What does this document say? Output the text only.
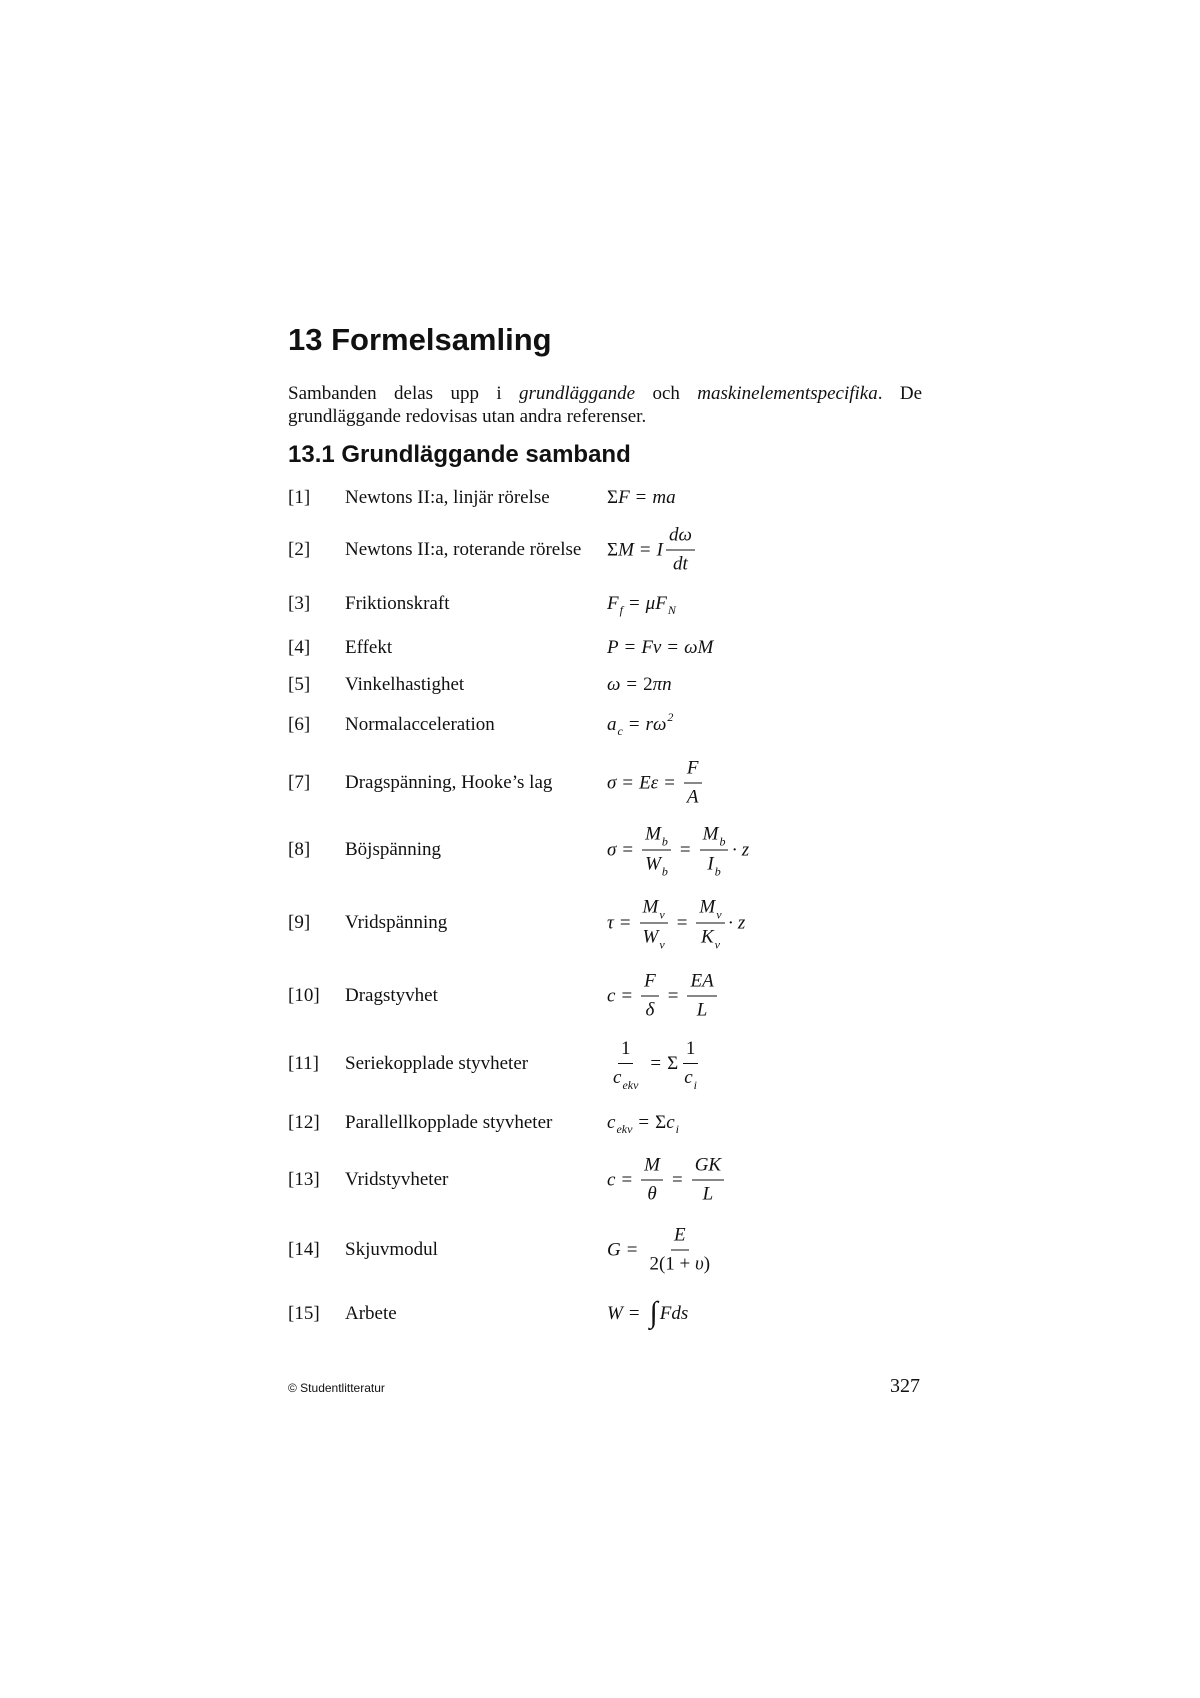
13 Formelsamling

Sambanden delas upp i grundläggande och maskinelementspecifika. De
grundläggande redovisas utan andra referenser.

13.1 Grundläggande samband
[1] Newtons II:a, linjär rörelse	Σ F = ma
[2] Newtons II:a, roterande rörelse Σ M = I $\frac{d\omega}{dt}$
[3] Friktionskraft	F f = μF N
[4] Effekt	P = Fv = ωM
[5] Vinkelhastighet	ω = 2 πn
[6] Normalacceleration	a c = rω 2
[7] Dragspänning, Hooke’s lag	$\sigma = E\varepsilon = \frac{F}{A}$
[8] Böjspänning	$\sigma = \frac{M_b}{W_b} = \frac{M_b}{I_b} \cdot z$
[9] Vridspänning	$\tau = \frac{M_v}{W_v} = \frac{M_v}{K_v} \cdot z$
[10] Dragstyvhet	$c = \frac{F}{\delta} = \frac{EA}{L}$
[11] Seriekopplade styvheter	$\frac{1}{c_{ekv}} = \Sigma \frac{1}{c_i}$
[12] Parallellkopplade styvheter	c ekv = Σ c i
[13] Vridstyvheter	$c = \frac{M}{\theta} = \frac{GK}{L}$
[14] Skjuvmodul	$G = \frac{E}{2(1 + \upsilon)}$
[15] Arbete	W = ∫ Fds
© Studentlitteratur	327
